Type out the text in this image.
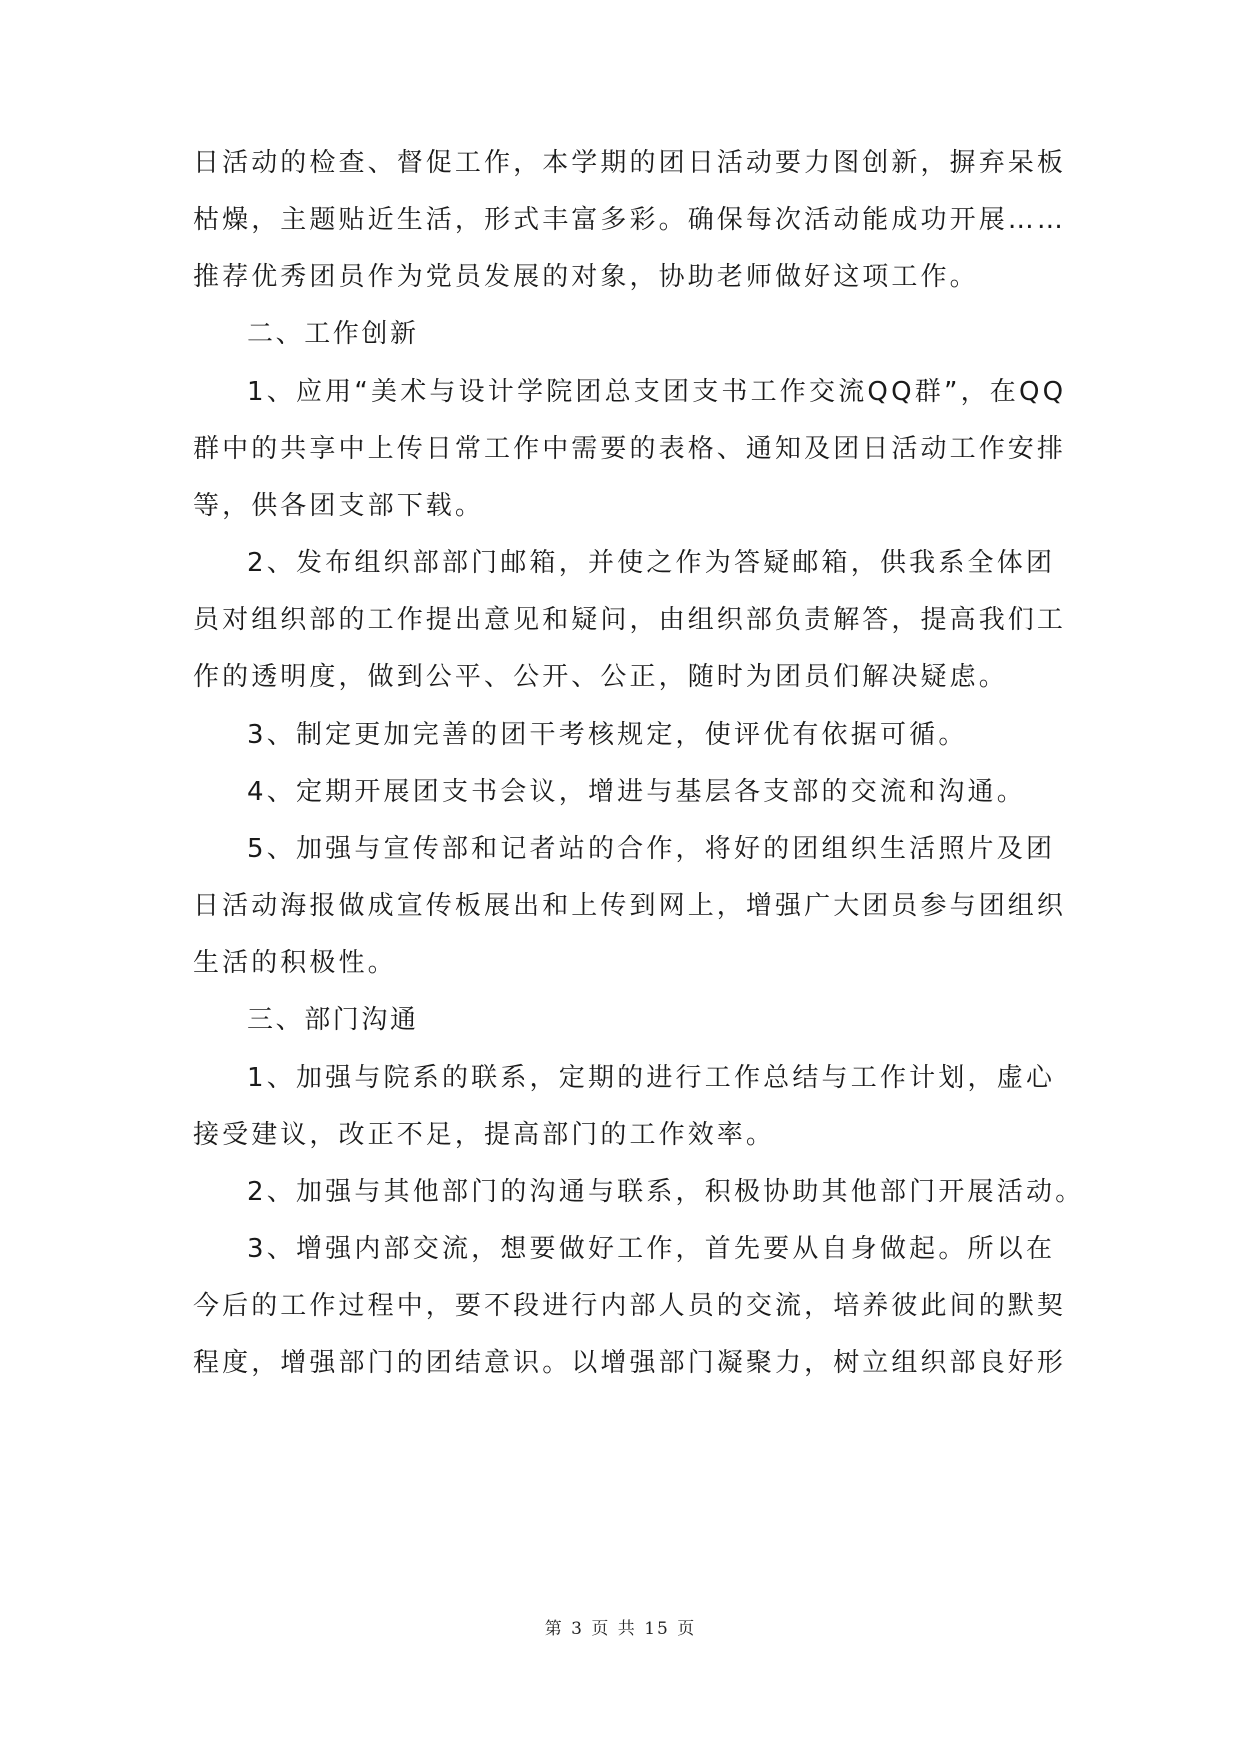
日活动的检查、督促工作，本学期的团日活动要力图创新，摒弃呆板
枯燥，主题贴近生活，形式丰富多彩。确保每次活动能成功开展……
推荐优秀团员作为党员发展的对象，协助老师做好这项工作。
二、工作创新
1、应用“美术与设计学院团总支团支书工作交流QQ群”，在QQ
群中的共享中上传日常工作中需要的表格、通知及团日活动工作安排
等，供各团支部下载。
2、发布组织部部门邮箱，并使之作为答疑邮箱，供我系全体团
员对组织部的工作提出意见和疑问，由组织部负责解答，提高我们工
作的透明度，做到公平、公开、公正，随时为团员们解决疑虑。
3、制定更加完善的团干考核规定，使评优有依据可循。
4、定期开展团支书会议，增进与基层各支部的交流和沟通。
5、加强与宣传部和记者站的合作，将好的团组织生活照片及团
日活动海报做成宣传板展出和上传到网上，增强广大团员参与团组织
生活的积极性。
三、部门沟通
1、加强与院系的联系，定期的进行工作总结与工作计划，虚心
接受建议，改正不足，提高部门的工作效率。
2、加强与其他部门的沟通与联系，积极协助其他部门开展活动。
3、增强内部交流，想要做好工作，首先要从自身做起。所以在
今后的工作过程中，要不段进行内部人员的交流，培养彼此间的默契
程度，增强部门的团结意识。以增强部门凝聚力，树立组织部良好形
第 3 页 共 15 页
